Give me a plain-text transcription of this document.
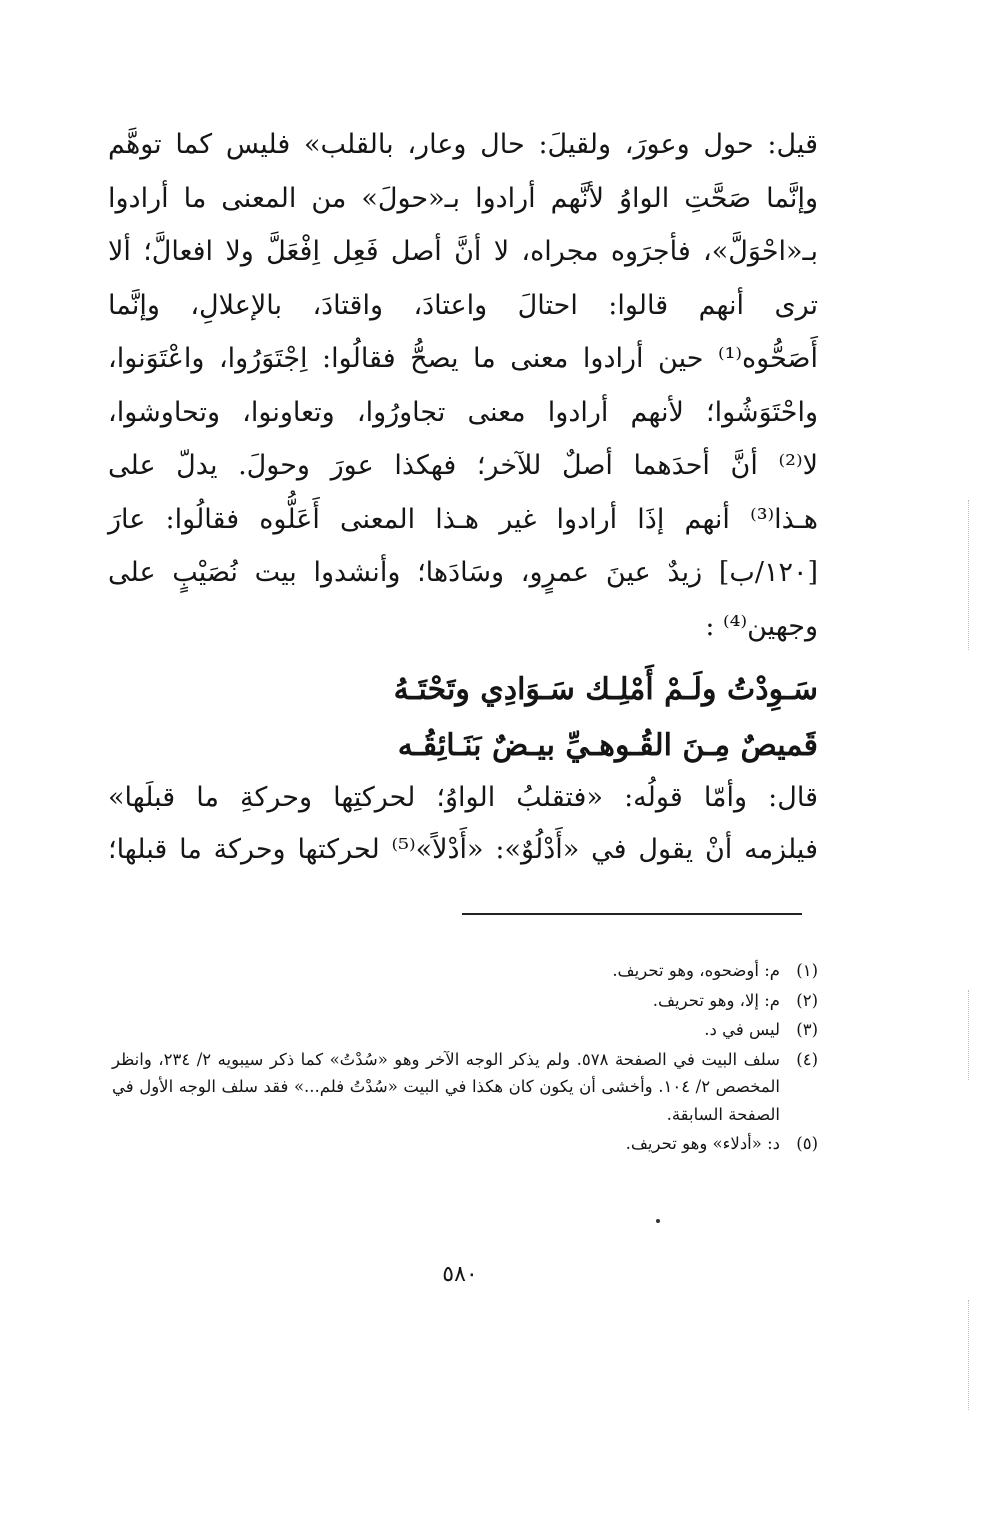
قيل: حول وعورَ، ولقيلَ: حال وعار، بالقلب» فليس كما توهَّم

وإنَّما صَحَّتِ الواوُ لأنَّهم أرادوا بـ«حولَ» من المعنى ما أرادوا

بـ«احْوَلَّ»، فأجرَوه مجراه، لا أنَّ أصل فَعِل اِفْعَلَّ ولا افعالَّ؛ ألا

ترى أنهم قالوا: احتالَ واعتادَ، واقتادَ، بالإعلالِ، وإنَّما

أَصَحُّوه⁽¹⁾ حين أرادوا معنى ما يصحُّ فقالُوا: اِجْتَوَرُوا، واعْتَوَنوا،

واحْتَوَشُوا؛ لأنهم أرادوا معنى تجاورُوا، وتعاونوا، وتحاوشوا،

لا⁽²⁾ أنَّ أحدَهما أصلٌ للآخر؛ فهكذا عورَ وحولَ. يدلّ على

هـذا⁽³⁾ أنهم إذَا أرادوا غير هـذا المعنى أَعَلُّوه فقالُوا: عارَ

[١٢٠/ب] زيدٌ عينَ عمرٍو، وسَادَها؛ وأنشدوا بيت نُصَيْبٍ على

وجهين⁽⁴⁾ :

سَـوِدْتُ ولَـمْ أَمْلِـك سَـوَادِي وتَحْتَـهُ
قَميصٌ مِـنَ القُـوهـيِّ بيـضٌ بَنَـائِقُـه

قال: وأمّا قولُه: «فتقلبُ الواوُ؛ لحركتِها وحركةِ ما قبلَها»

فيلزمه أنْ يقول في «أَدْلُوٌ»: «أَدْلاً»⁽⁵⁾ لحركتها وحركة ما قبلها؛

(١)
م: أوضحوه، وهو تحريف.
(٢)
م: إلا، وهو تحريف.
(٣)
ليس في د.
(٤)
سلف البيت في الصفحة ٥٧٨. ولم يذكر الوجه الآخر وهو «سُدْتُ» كما ذكر سيبويه ٢/ ٢٣٤، وانظر المخصص ٢/ ١٠٤. وأخشى أن يكون كان هكذا في البيت «سُدْتُ فلم...» فقد سلف الوجه الأول في الصفحة السابقة.
(٥)
د: «أدلاء» وهو تحريف.
٥٨٠
